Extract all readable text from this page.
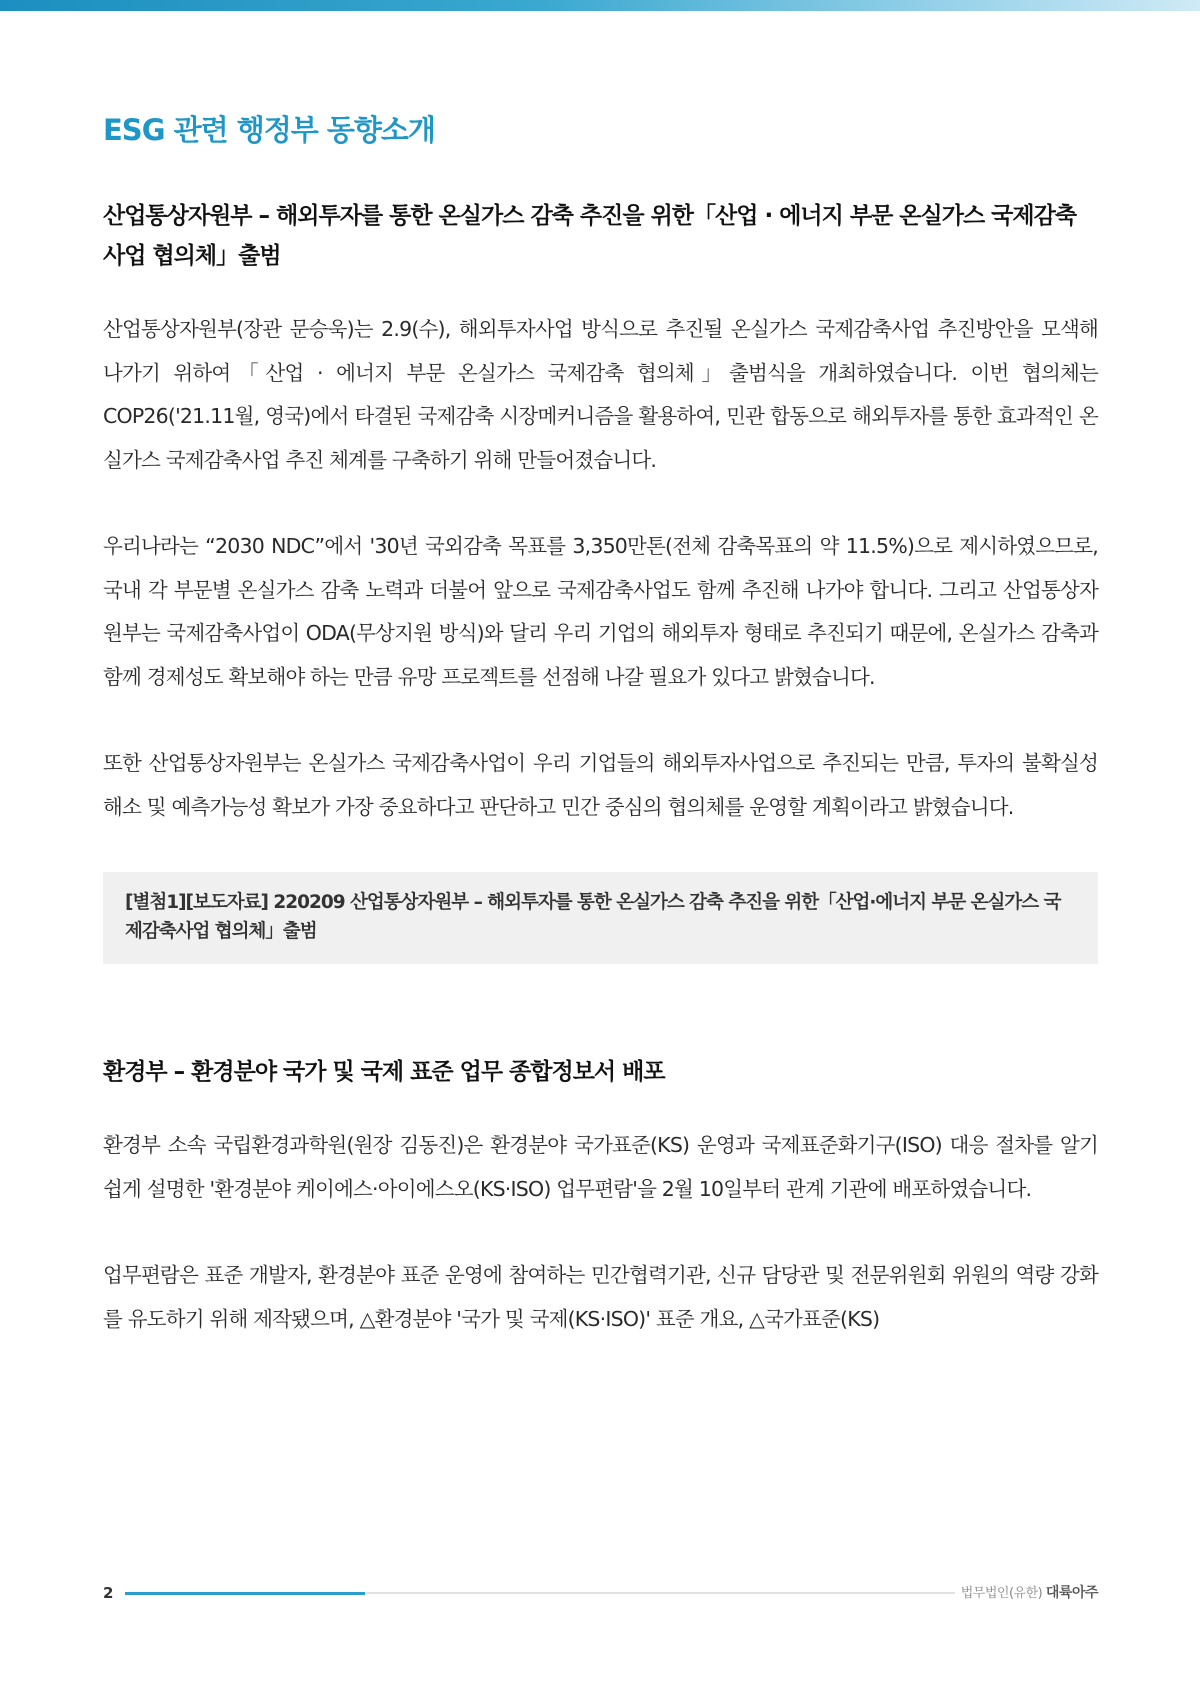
ESG 관련 행정부 동향소개
산업통상자원부 – 해외투자를 통한 온실가스 감축 추진을 위한「산업 · 에너지 부문 온실가스 국제감축 사업 협의체」출범

산업통상자원부(장관 문승욱)는 2.9(수), 해외투자사업 방식으로 추진될 온실가스 국제감축사업 추진방안을 모색해 나가기 위하여「산업 · 에너지 부문 온실가스 국제감축 협의체」출범식을 개최하였습니다. 이번 협의체는 COP26('21.11월, 영국)에서 타결된 국제감축 시장메커니즘을 활용하여, 민관 합동으로 해외투자를 통한 효과적인 온실가스 국제감축사업 추진 체계를 구축하기 위해 만들어졌습니다.

우리나라는 “2030 NDC”에서 '30년 국외감축 목표를 3,350만톤(전체 감축목표의 약 11.5%)으로 제시하였으므로, 국내 각 부문별 온실가스 감축 노력과 더불어 앞으로 국제감축사업도 함께 추진해 나가야 합니다. 그리고 산업통상자원부는 국제감축사업이 ODA(무상지원 방식)와 달리 우리 기업의 해외투자 형태로 추진되기 때문에, 온실가스 감축과 함께 경제성도 확보해야 하는 만큼 유망 프로젝트를 선점해 나갈 필요가 있다고 밝혔습니다.

또한 산업통상자원부는 온실가스 국제감축사업이 우리 기업들의 해외투자사업으로 추진되는 만큼, 투자의 불확실성 해소 및 예측가능성 확보가 가장 중요하다고 판단하고 민간 중심의 협의체를 운영할 계획이라고 밝혔습니다.

[별첨1][보도자료] 220209 산업통상자원부 – 해외투자를 통한 온실가스 감축 추진을 위한「산업·에너지 부문 온실가스 국제감축사업 협의체」출범
환경부 – 환경분야 국가 및 국제 표준 업무 종합정보서 배포

환경부 소속 국립환경과학원(원장 김동진)은 환경분야 국가표준(KS) 운영과 국제표준화기구(ISO) 대응 절차를 알기 쉽게 설명한 '환경분야 케이에스·아이에스오(KS·ISO) 업무편람'을 2월 10일부터 관계 기관에 배포하였습니다.

업무편람은 표준 개발자, 환경분야 표준 운영에 참여하는 민간협력기관, 신규 담당관 및 전문위원회 위원의 역량 강화를 유도하기 위해 제작됐으며, △환경분야 '국가 및 국제(KS·ISO)' 표준 개요, △국가표준(KS)

2	법무법인(유한) 대륙아주
